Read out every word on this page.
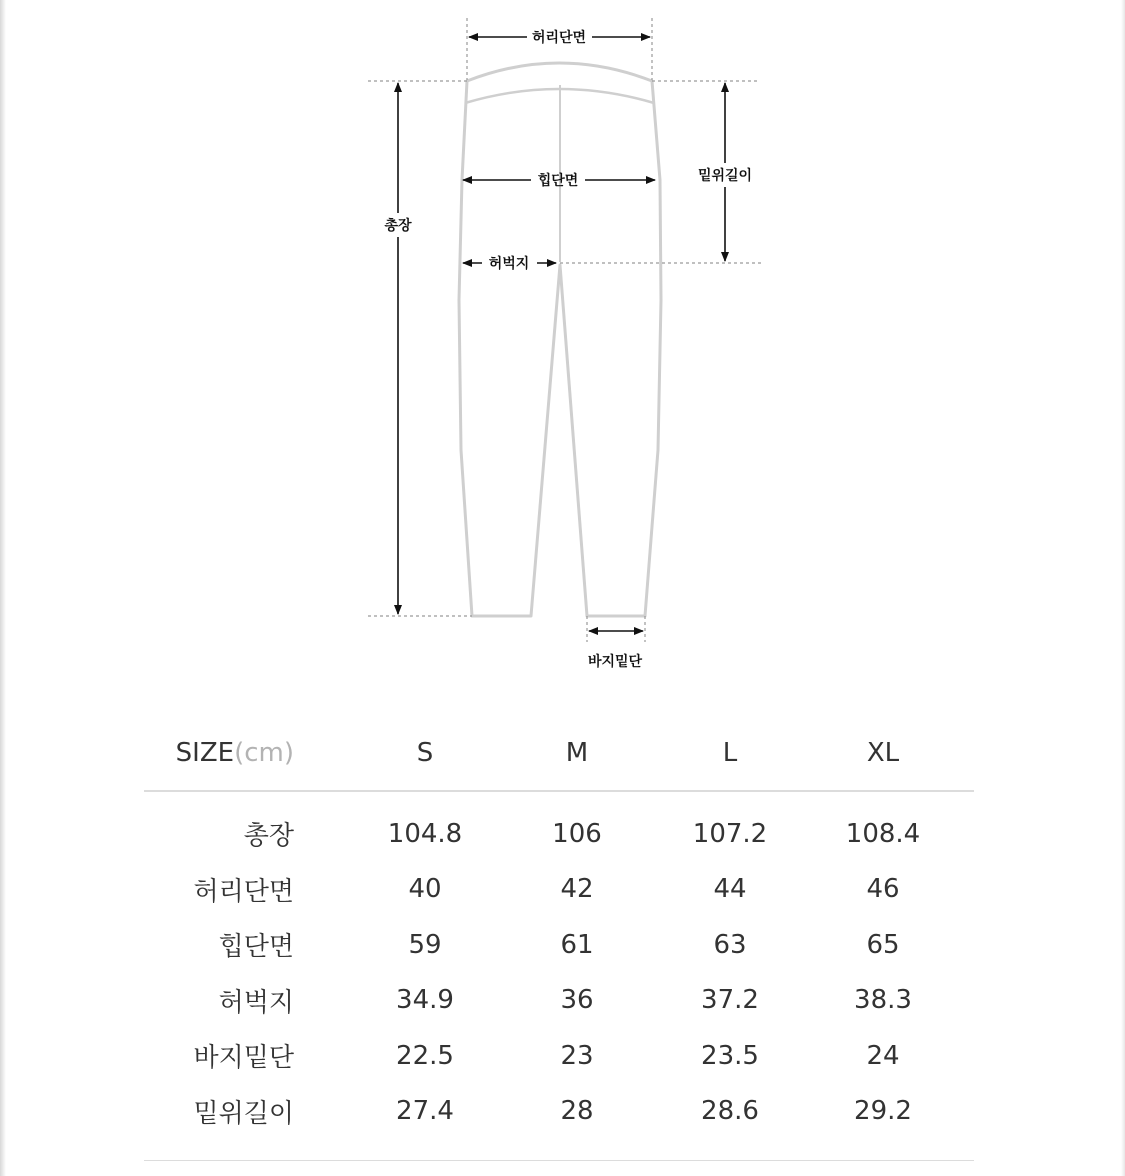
허리단면
총장
밑위길이
힙단면
허벅지
바지밑단
SIZE (cm)	S	M	L	XL
총장	104.8	106	107.2	108.4
허리단면	40	42	44	46
힙단면	59	61	63	65
허벅지	34.9	36	37.2	38.3
바지밑단	22.5	23	23.5	24
밑위길이	27.4	28	28.6	29.2
